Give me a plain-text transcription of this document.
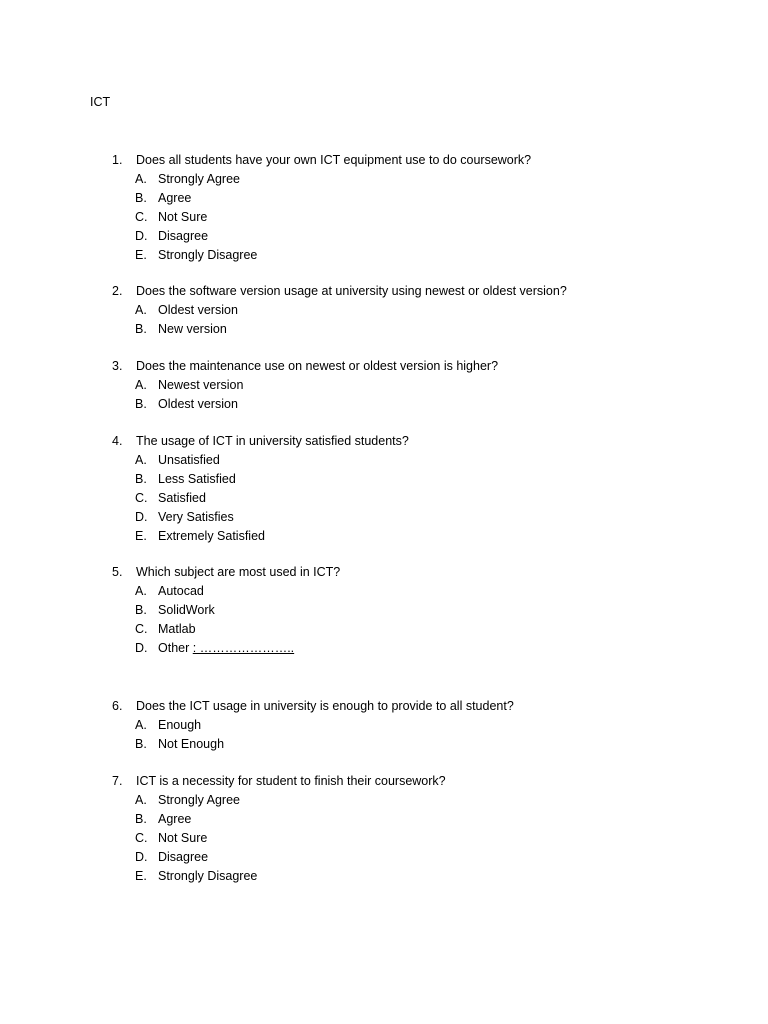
ICT
1. Does all students have your own ICT equipment use to do coursework?
A. Strongly Agree
B. Agree
C. Not Sure
D. Disagree
E. Strongly Disagree
2. Does the software version usage at university using newest or oldest version?
A. Oldest version
B. New version
3. Does the maintenance use on newest or oldest version is higher?
A. Newest version
B. Oldest version
4. The usage of ICT in university satisfied students?
A. Unsatisfied
B. Less Satisfied
C. Satisfied
D. Very Satisfies
E. Extremely Satisfied
5. Which subject are most used in ICT?
A. Autocad
B. SolidWork
C. Matlab
D. Other : …………………..
6. Does the ICT usage in university is enough to provide to all student?
A. Enough
B. Not Enough
7. ICT is a necessity for student to finish their coursework?
A. Strongly Agree
B. Agree
C. Not Sure
D. Disagree
E. Strongly Disagree
